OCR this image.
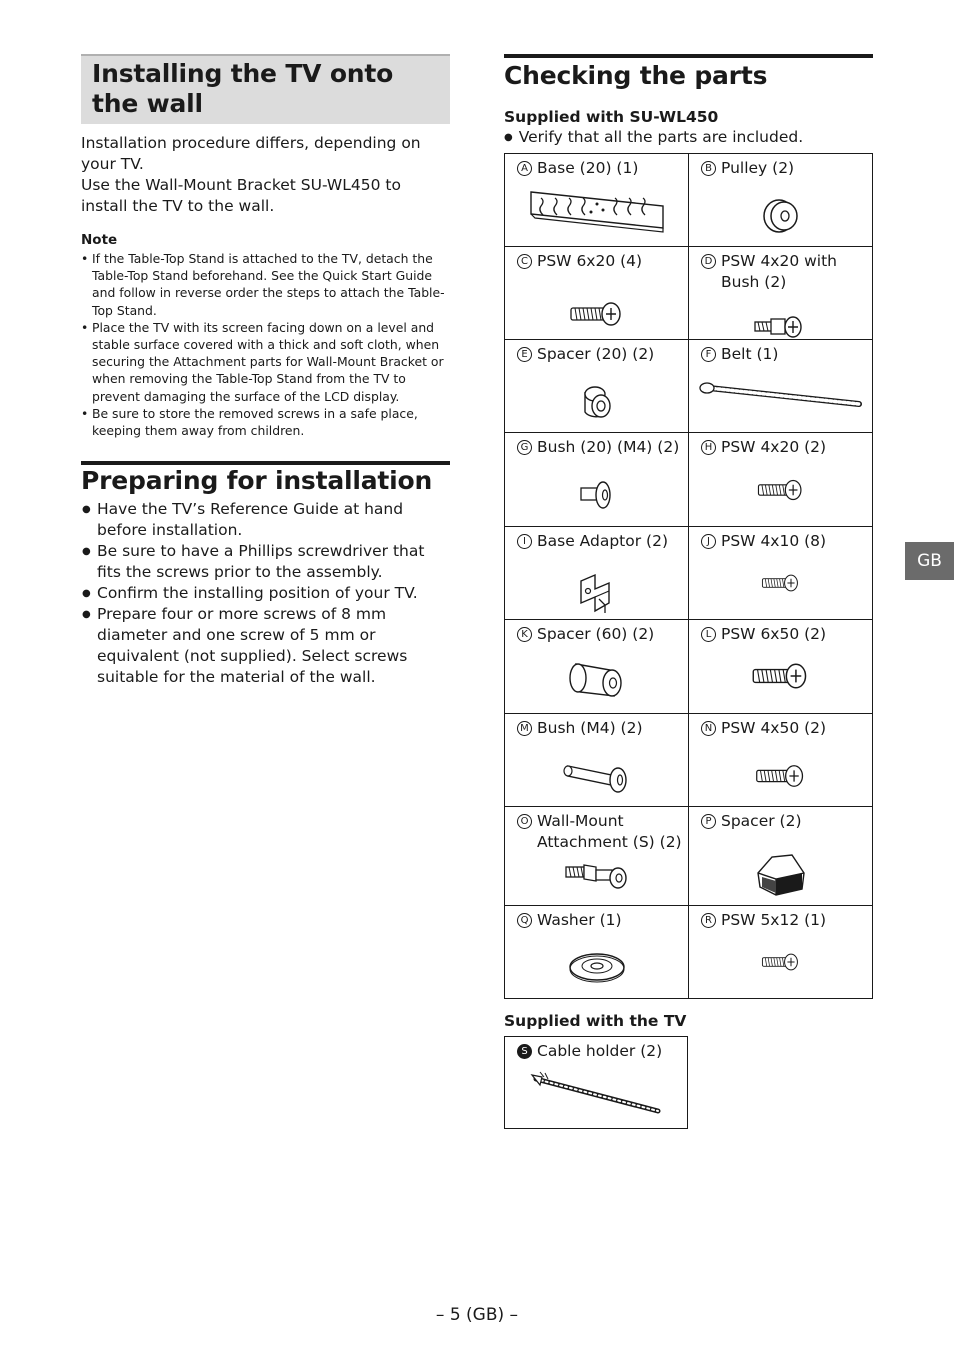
Installing the TV onto the wall

Installation procedure differs, depending on your TV.

Use the Wall-Mount Bracket SU-WL450 to install the TV to the wall.

Note
• If the Table-Top Stand is attached to the TV, detach the Table-Top Stand beforehand. See the Quick Start Guide and follow in reverse order the steps to attach the Table-Top Stand.
• Place the TV with its screen facing down on a level and stable surface covered with a thick and soft cloth, when securing the Attachment parts for Wall-Mount Bracket or when removing the Table-Top Stand from the TV to prevent damaging the surface of the LCD display.
• Be sure to store the removed screws in a safe place, keeping them away from children.
Preparing for installation
● Have the TV’s Reference Guide at hand before installation.
● Be sure to have a Phillips screwdriver that fits the screws prior to the assembly.
● Confirm the installing position of your TV.
● Prepare four or more screws of 8 mm diameter and one screw of 5 mm or equivalent (not supplied). Select screws suitable for the material of the wall.
Checking the parts
Supplied with SU-WL450
● Verify that all the parts are included.
A Base (20) (1)	B Pulley (2)

C PSW 6x20 (4)	D PSW 4x20 with Bush (2)

E Spacer (20) (2)	F Belt (1)

G Bush (20) (M4) (2)	H PSW 4x20 (2)

I Base Adaptor (2)	J PSW 4x10 (8)

K Spacer (60) (2)	L PSW 6x50 (2)

M Bush (M4) (2)	N PSW 4x50 (2)

O Wall-Mount Attachment (S) (2)	P Spacer (2)

Q Washer (1)	R PSW 5x12 (1)
Supplied with the TV
S Cable holder (2)
GB
– 5 (GB) –
